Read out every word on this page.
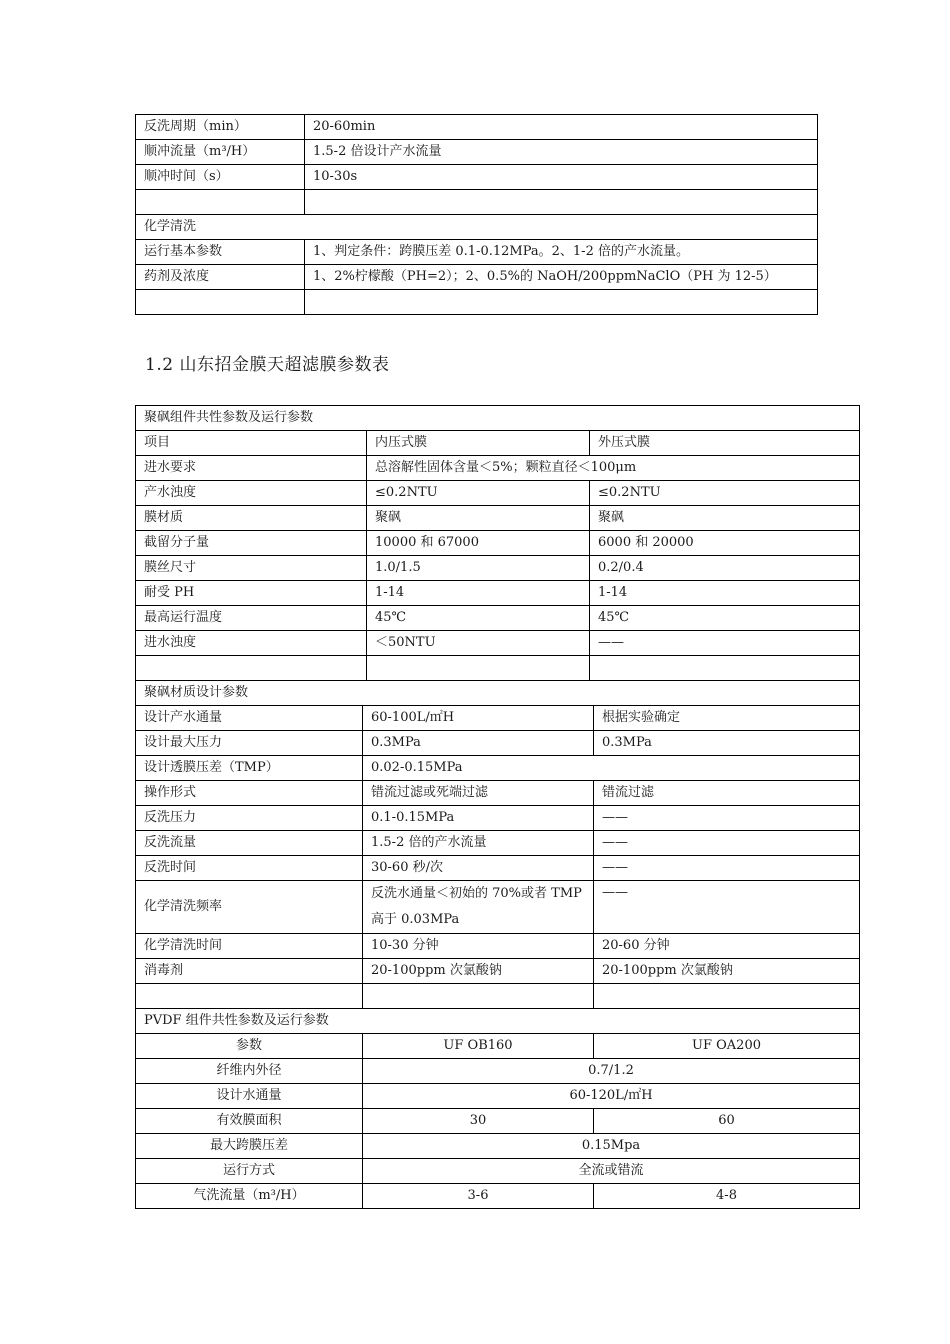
反洗周期（min）	20-60min
顺冲流量（m³/H）	1.5-2 倍设计产水流量
顺冲时间（s）	10-30s

化学清洗	
运行基本参数	1、判定条件：跨膜压差 0.1-0.12MPa。2、1-2 倍的产水流量。
药剂及浓度	1、2%柠檬酸（PH=2）；2、0.5%的 NaOH/200ppmNaClO（PH 为 12-5）

1.2 山东招金膜天超滤膜参数表
聚砜组件共性参数及运行参数				
项目		内压式膜	外压式膜	
进水要求		总溶解性固体含量＜5%；颗粒直径＜100μm		
产水浊度		≤0.2NTU	≤0.2NTU	
膜材质		聚砜	聚砜	
截留分子量		10000 和 67000	6000 和 20000	
膜丝尺寸		1.0/1.5	0.2/0.4	
耐受 PH		1-14	1-14	
最高运行温度		45℃	45℃	
进水浊度		＜50NTU	——	

聚砜材质设计参数				
设计产水通量	60-100L/㎡H			根据实验确定
设计最大压力	0.3MPa			0.3MPa
设计透膜压差（TMP）	0.02-0.15MPa			
操作形式	错流过滤或死端过滤			错流过滤
反洗压力	0.1-0.15MPa			——
反洗流量	1.5-2 倍的产水流量			——
反洗时间	30-60 秒/次			——
化学清洗频率	反洗水通量＜初始的 70%或者 TMP 高于 0.03MPa			——
化学清洗时间	10-30 分钟			20-60 分钟
消毒剂	20-100ppm 次氯酸钠			20-100ppm 次氯酸钠

PVDF 组件共性参数及运行参数				
参数	UF OB160			UF OA200
纤维内外径	0.7/1.2			
设计水通量	60-120L/㎡H			
有效膜面积	30			60
最大跨膜压差	0.15Mpa			
运行方式	全流或错流			
气洗流量（m³/H）	3-6			4-8
